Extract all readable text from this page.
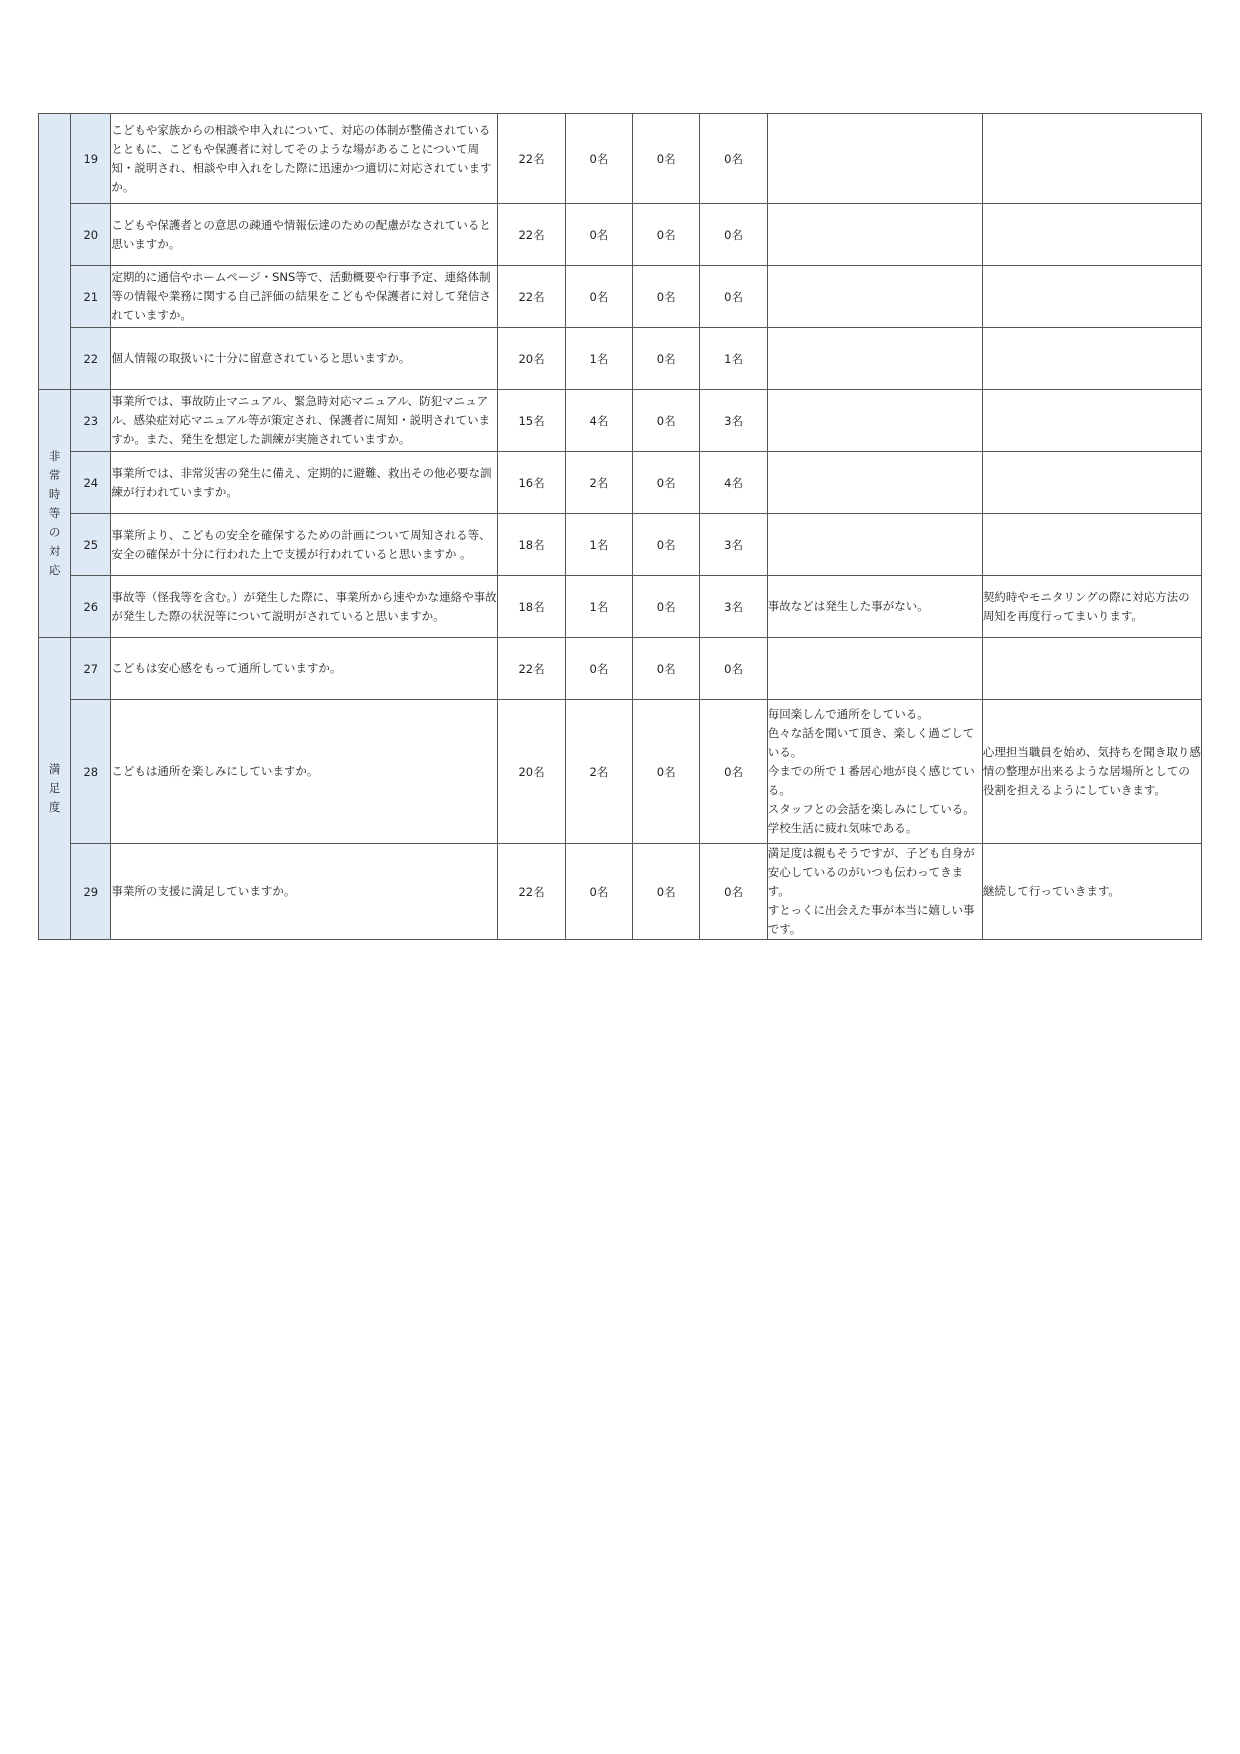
	19	こどもや家族からの相談や申入れについて、対応の体制が整備されているとともに、こどもや保護者に対してそのような場があることについて周知・説明され、相談や申入れをした際に迅速かつ適切に対応されていますか。	22名	0名	0名	0名		
	20	こどもや保護者との意思の疎通や情報伝達のための配慮がなされていると思いますか。	22名	0名	0名	0名		
	21	定期的に通信やホームページ・SNS等で、活動概要や行事予定、連絡体制等の情報や業務に関する自己評価の結果をこどもや保護者に対して発信されていますか。	22名	0名	0名	0名		
	22	個人情報の取扱いに十分に留意されていると思いますか。	20名	1名	0名	1名		
非常時等の対応	23	事業所では、事故防止マニュアル、緊急時対応マニュアル、防犯マニュアル、感染症対応マニュアル等が策定され、保護者に周知・説明されていますか。また、発生を想定した訓練が実施されていますか。	15名	4名	0名	3名		
	24	事業所では、非常災害の発生に備え、定期的に避難、救出その他必要な訓練が行われていますか。	16名	2名	0名	4名		
	25	事業所より、こどもの安全を確保するための計画について周知される等、安全の確保が十分に行われた上で支援が行われていると思いますか 。	18名	1名	0名	3名		
	26	事故等（怪我等を含む。）が発生した際に、事業所から速やかな連絡や事故が発生した際の状況等について説明がされていると思いますか。	18名	1名	0名	3名	事故などは発生した事がない。	契約時やモニタリングの際に対応方法の周知を再度行ってまいります。
満足度	27	こどもは安心感をもって通所していますか。	22名	0名	0名	0名		
	28	こどもは通所を楽しみにしていますか。	20名	2名	0名	0名	毎回楽しんで通所をしている。
色々な話を聞いて頂き、楽しく過ごしている。
今までの所で１番居心地が良く感じている。
スタッフとの会話を楽しみにしている。
学校生活に疲れ気味である。	心理担当職員を始め、気持ちを聞き取り感情の整理が出来るような居場所としての役割を担えるようにしていきます。
	29	事業所の支援に満足していますか。	22名	0名	0名	0名	満足度は親もそうですが、子ども自身が安心しているのがいつも伝わってきます。
すとっくに出会えた事が本当に嬉しい事です。	継続して行っていきます。
